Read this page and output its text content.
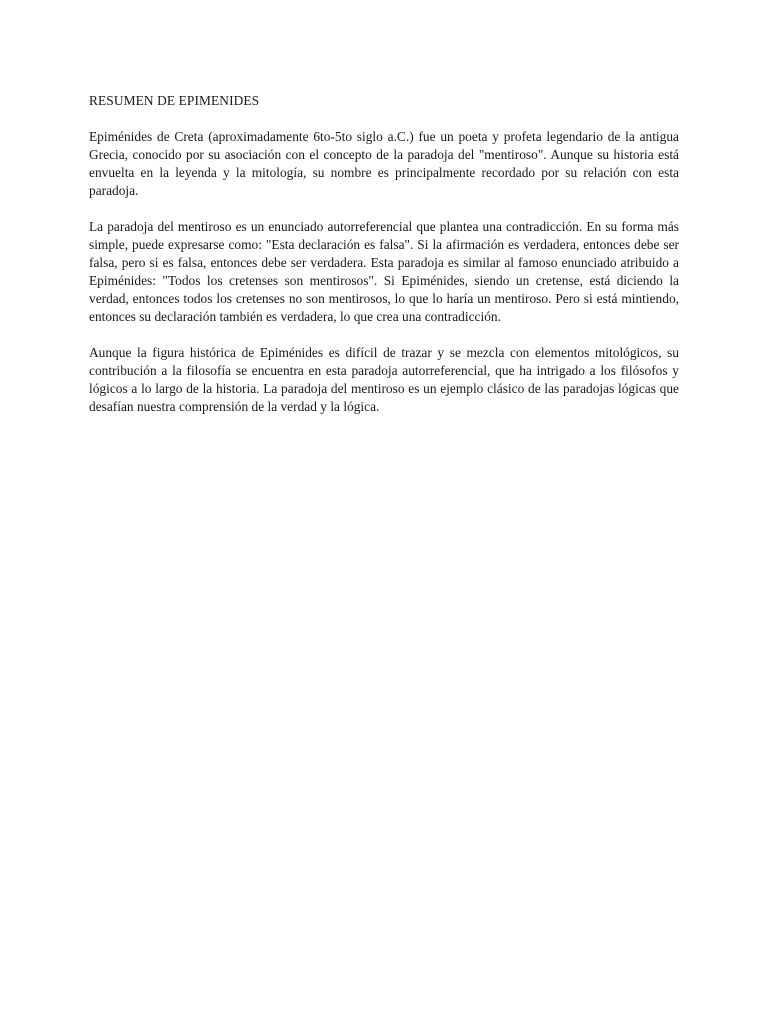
RESUMEN DE EPIMENIDES

Epiménides de Creta (aproximadamente 6to-5to siglo a.C.) fue un poeta y profeta legendario de la antigua Grecia, conocido por su asociación con el concepto de la paradoja del "mentiroso". Aunque su historia está envuelta en la leyenda y la mitología, su nombre es principalmente recordado por su relación con esta paradoja.

La paradoja del mentiroso es un enunciado autorreferencial que plantea una contradicción. En su forma más simple, puede expresarse como: "Esta declaración es falsa". Si la afirmación es verdadera, entonces debe ser falsa, pero si es falsa, entonces debe ser verdadera. Esta paradoja es similar al famoso enunciado atribuido a Epiménides: "Todos los cretenses son mentirosos". Si Epiménides, siendo un cretense, está diciendo la verdad, entonces todos los cretenses no son mentirosos, lo que lo haría un mentiroso. Pero si está mintiendo, entonces su declaración también es verdadera, lo que crea una contradicción.

Aunque la figura histórica de Epiménides es difícil de trazar y se mezcla con elementos mitológicos, su contribución a la filosofía se encuentra en esta paradoja autorreferencial, que ha intrigado a los filósofos y lógicos a lo largo de la historia. La paradoja del mentiroso es un ejemplo clásico de las paradojas lógicas que desafían nuestra comprensión de la verdad y la lógica.
